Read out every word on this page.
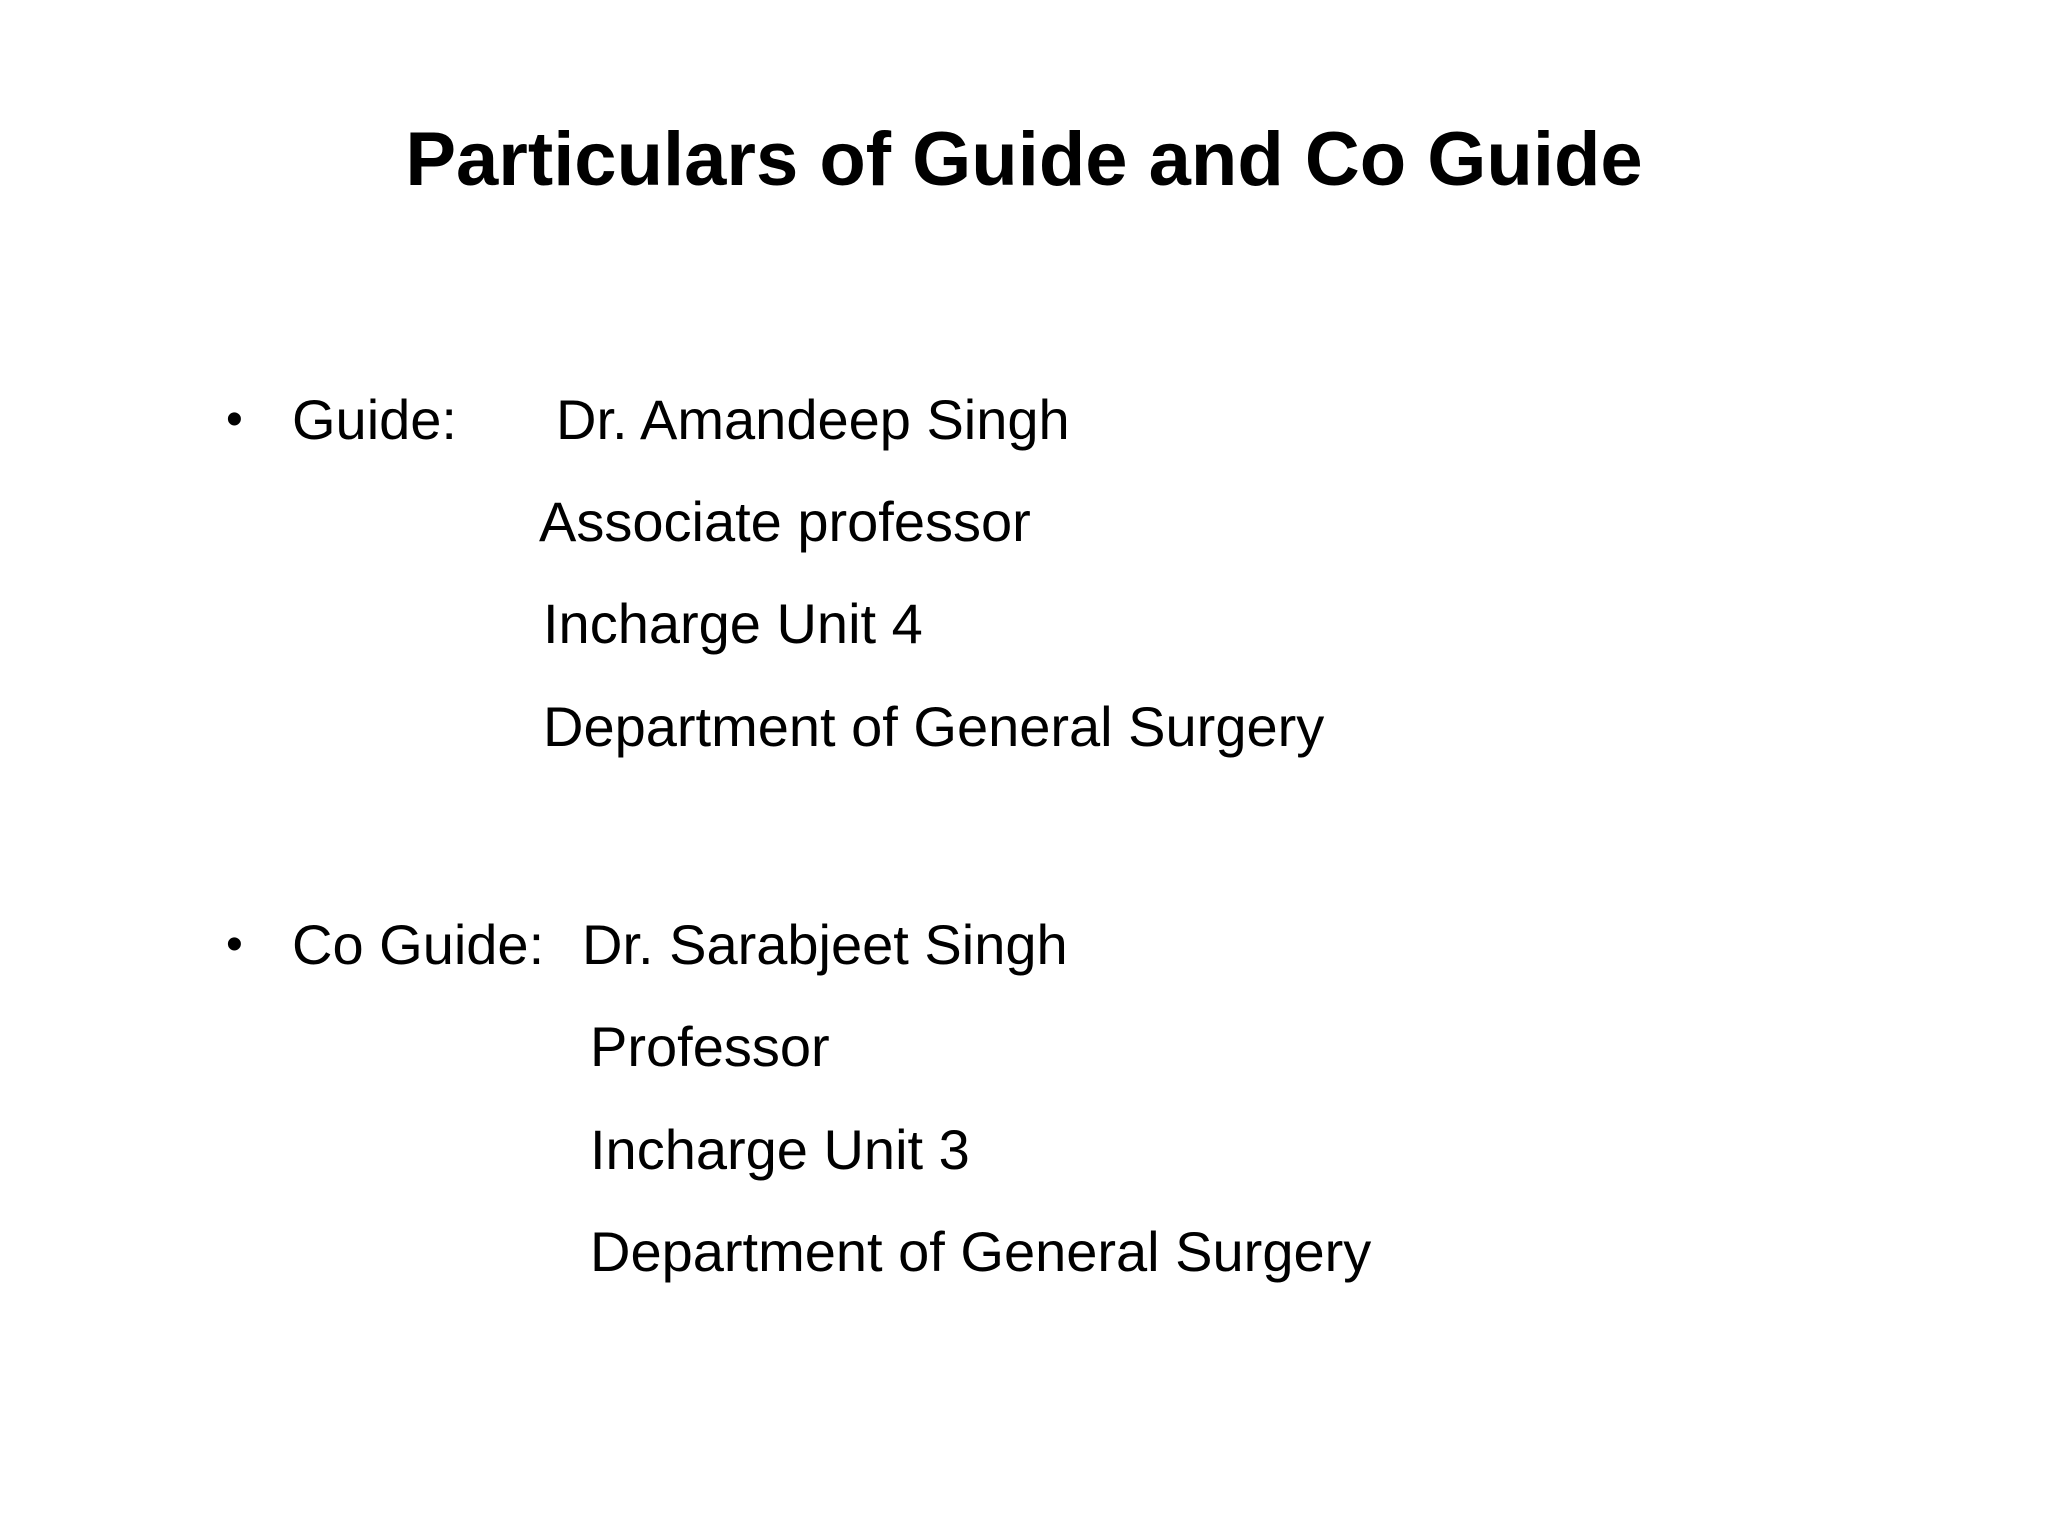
Particulars of Guide and Co Guide
• Guide: Dr. Amandeep Singh
Associate professor
Incharge Unit 4
Department of General Surgery
• Co Guide: Dr. Sarabjeet Singh
Professor
Incharge Unit 3
Department of General Surgery
